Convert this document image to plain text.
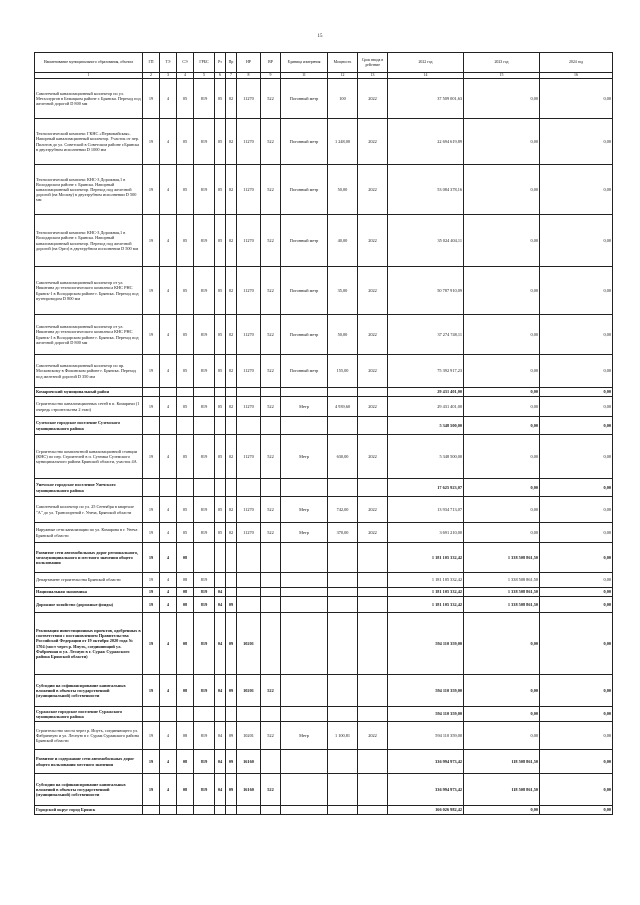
15
Наименование муниципального образования, объекта	ГП	ТЭ	СЭ	ГРБС	Рз	Пр	НР	ВР	Единица измерения	Мощность	Срок ввода в действие	2022 год	2023 год	2024 год
1	2	3	4	5	6	7	8	9	11	12	13	14	15	16
Самотечный канализационный коллектор по ул. Металлургов в Бежицком районе г. Брянска. Переход под железной дорогой D 800 мм	19	4	05	819	05	02	11270	522	Погонный метр	100	2022	37 509 001,63	0,00	0,00
Технологический комплекс ГКНС «Первомайская». Напорный канализационный коллектор. Участок от пер. Пилотов до ул. Советской в Советском районе г.Брянска в двухтрубном исполнении D 1000 мм	19	4	05	819	05	02	11270	522	Погонный метр	1 248,00	2022	22 694 619,89	0,00	0,00
Технологический комплекс КНС-3 Дорожная,1 в Володарском районе г. Брянска. Напорный канализационный коллектор. Переход под железной дорогой (на Москву) в двухтрубном исполнении D 500 мм	19	4	05	819	05	02	11270	522	Погонный метр	50,00	2022	53 084 378,16	0,00	0,00
Технологический комплекс КНС-3 Дорожная,1 в Володарском районе г. Брянска. Напорный канализационный коллектор. Переход под железной дорогой (на Орел) в двухтрубном исполнении D 500 мм	19	4	05	819	05	02	11270	522	Погонный метр	40,00	2022	35 024 404,11	0,00	0,00
Самотечный канализационный коллектор от ул. Никитина до технологического комплекса КНС РНС Брянск-1 в Володарском районе г. Брянска. Переход под путепроводом D 800 мм	19	4	05	819	05	02	11270	522	Погонный метр	35,00	2022	50 787 910,09	0,00	0,00
Самотечный канализационный коллектор от ул. Никитина до технологического комплекса КНС РНС Брянск-1 в Володарском районе г. Брянска. Переход под железной дорогой D 800 мм	19	4	05	819	05	02	11270	522	Погонный метр	50,00	2022	37 274 748,11	0,00	0,00
Самотечный канализационный коллектор по пр. Московскому в Фокинском районе г. Брянска. Переход под железной дорогой D 350 мм	19	4	05	819	05	02	11270	522	Погонный метр	155,00	2022	75 392 917,23	0,00	0,00
Комаричский муниципальный район												29 431 401,00	0,00	0,00
Строительство канализационных сетей в п. Комаричи (1 очередь строительства 2 этап)	19	4	05	819	05	02	11270	522	Метр	4 939,60	2022	29 431 401,00	0,00	0,00
Суземское городское поселение Суземского муниципального района												5 348 500,00	0,00	0,00
Строительство комплектной канализационной станции (КНС) по пер. Строителей в п. Суземка Суземского муниципального района Брянской области, участок 4А	19	4	05	819	05	02	11270	522	Метр	630,00	2022	5 348 500,00	0,00	0,00
Унечское городское поселение Унечского муниципального района												17 625 923,07	0,00	0,00
Самотечный коллектор по ул. 25 Сентября в квартале "А" до ул. Транспортной г. Унеча, Брянской области	19	4	05	819	05	02	11270	522	Метр	742,00	2022	13 934 713,07	0,00	0,00
Наружные сети канализации по ул. Комарова в г. Унеча Брянской области	19	4	05	819	05	02	11270	522	Метр	370,00	2022	3 691 210,00	0,00	0,00
Развитие сети автомобильных дорог регионального, межмуниципального и местного значения общего пользования	19	4	08									1 181 105 332,42	1 338 508 861,50	0,00
Департамент строительства Брянской области	19	4	08	819								1 181 105 332,42	1 338 508 861,50	0,00
Национальная экономика	19	4	08	819	04							1 181 105 332,42	1 338 508 861,50	0,00
Дорожное хозяйство (дорожные фонды)	19	4	08	819	04	09						1 181 105 332,42	1 338 508 861,50	0,00
Реализация инвестиционных проектов, одобренных в соответствии с постановлением Правительства Российской Федерации от 19 октября 2020 года № 1704 (мост через р. Ипуть, соединяющий ул. Фабричная и ул. Лесную в г. Сураж Суражского района Брянской области)	19	4	08	819	04	09	10201					594 110 359,00	0,00	0,00
Субсидии на софинансирование капитальных вложений в объекты государственной (муниципальной) собственности	19	4	08	819	04	09	10201	522				594 110 359,00	0,00	0,00
Суражское городское поселение Суражского муниципального района												594 110 359,00	0,00	0,00
Строительство моста через р. Ипуть, соединяющего ул. Фабричную и ул. Лесную в г. Сураж Суражского района Брянской области	19	4	08	819	04	09	10201	522	Метр	1 100,81	2022	594 110 359,00	0,00	0,00
Развитие и содержание сети автомобильных дорог общего пользования местного значения	19	4	08	819	04	09	16160					336 994 973,42	118 508 861,50	0,00
Субсидии на софинансирование капитальных вложений в объекты государственной (муниципальной) собственности	19	4	08	819	04	09	16160	522				336 994 973,42	118 508 861,50	0,00
Городской округ город Брянск												166 026 982,42	0,00	0,00
